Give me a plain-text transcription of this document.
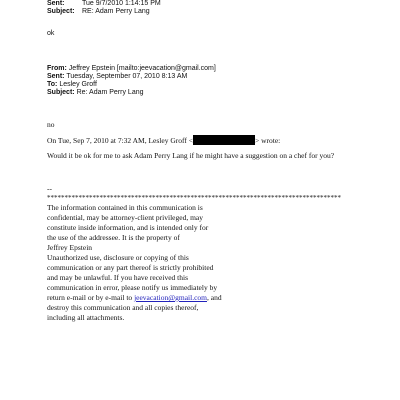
Sent:	Tue 9/7/2010 1:14:15 PM
Subject: RE: Adam Perry Lang
ok
From: Jeffrey Epstein [mailto:jeevacation@gmail.com]
Sent: Tuesday, September 07, 2010 8:13 AM
To: Lesley Groff
Subject: Re: Adam Perry Lang
no
On Tue, Sep 7, 2010 at 7:32 AM, Lesley Groff <	> wrote:
Would it be ok for me to ask Adam Perry Lang if he might have a suggestion on a chef for you?
--
************************************************************************************
The information contained in this communication is
confidential, may be attorney-client privileged, may
constitute inside information, and is intended only for
the use of the addressee. It is the property of
Jeffrey Epstein
Unauthorized use, disclosure or copying of this
communication or any part thereof is strictly prohibited
and may be unlawful. If you have received this
communication in error, please notify us immediately by
return e-mail or by e-mail to jeevacation@gmail.com, and
destroy this communication and all copies thereof,
including all attachments.
